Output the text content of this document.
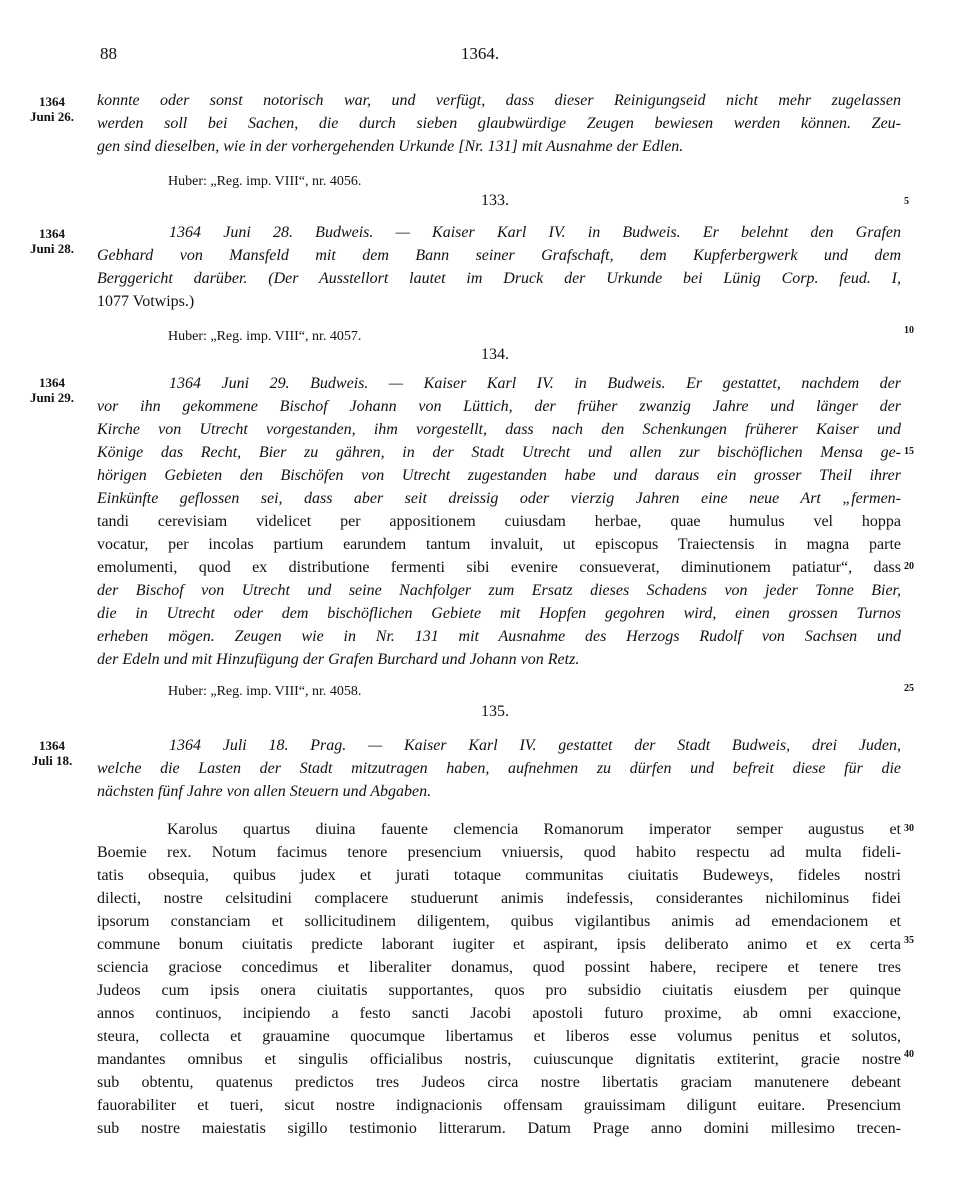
88	1364.
1364
Juni 26.
1364
Juni 28.
1364
Juni 29.
1364
Juli 18.
5
10
15
20
25
30
35
40
konnte oder sonst notorisch war, und verfügt, dass dieser Reinigungseid nicht mehr zugelassen
werden soll bei Sachen, die durch sieben glaubwürdige Zeugen bewiesen werden können. Zeu-
gen sind dieselben, wie in der vorhergehenden Urkunde [Nr. 131] mit Ausnahme der Edlen.
Huber: „Reg. imp. VIII“, nr. 4056.
133.
1364 Juni 28. Budweis. — Kaiser Karl IV. in Budweis. Er belehnt den Grafen
Gebhard von Mansfeld mit dem Bann seiner Grafschaft, dem Kupferbergwerk und dem
Berggericht darüber. (Der Ausstellort lautet im Druck der Urkunde bei Lünig Corp. feud. I,
1077 Votwips.)
Huber: „Reg. imp. VIII“, nr. 4057.
134.
1364 Juni 29. Budweis. — Kaiser Karl IV. in Budweis. Er gestattet, nachdem der
vor ihn gekommene Bischof Johann von Lüttich, der früher zwanzig Jahre und länger der
Kirche von Utrecht vorgestanden, ihm vorgestellt, dass nach den Schenkungen früherer Kaiser und
Könige das Recht, Bier zu gähren, in der Stadt Utrecht und allen zur bischöflichen Mensa ge-
hörigen Gebieten den Bischöfen von Utrecht zugestanden habe und daraus ein grosser Theil ihrer
Einkünfte geflossen sei, dass aber seit dreissig oder vierzig Jahren eine neue Art „fermen-
tandi cerevisiam videlicet per appositionem cuiusdam herbae, quae humulus vel hoppa
vocatur, per incolas partium earundem tantum invaluit, ut episcopus Traiectensis in magna parte
emolumenti, quod ex distributione fermenti sibi evenire consueverat, diminutionem patiatur“, dass
der Bischof von Utrecht und seine Nachfolger zum Ersatz dieses Schadens von jeder Tonne Bier,
die in Utrecht oder dem bischöflichen Gebiete mit Hopfen gegohren wird, einen grossen Turnos
erheben mögen. Zeugen wie in Nr. 131 mit Ausnahme des Herzogs Rudolf von Sachsen und
der Edeln und mit Hinzufügung der Grafen Burchard und Johann von Retz.
Huber: „Reg. imp. VIII“, nr. 4058.
135.
1364 Juli 18. Prag. — Kaiser Karl IV. gestattet der Stadt Budweis, drei Juden,
welche die Lasten der Stadt mitzutragen haben, aufnehmen zu dürfen und befreit diese für die
nächsten fünf Jahre von allen Steuern und Abgaben.
Karolus quartus diuina fauente clemencia Romanorum imperator semper augustus et
Boemie rex. Notum facimus tenore presencium vniuersis, quod habito respectu ad multa fideli-
tatis obsequia, quibus judex et jurati totaque communitas ciuitatis Budeweys, fideles nostri
dilecti, nostre celsitudini complacere studuerunt animis indefessis, considerantes nichilominus fidei
ipsorum constanciam et sollicitudinem diligentem, quibus vigilantibus animis ad emendacionem et
commune bonum ciuitatis predicte laborant iugiter et aspirant, ipsis deliberato animo et ex certa
sciencia graciose concedimus et liberaliter donamus, quod possint habere, recipere et tenere tres
Judeos cum ipsis onera ciuitatis supportantes, quos pro subsidio ciuitatis eiusdem per quinque
annos continuos, incipiendo a festo sancti Jacobi apostoli futuro proxime, ab omni exaccione,
steura, collecta et grauamine quocumque libertamus et liberos esse volumus penitus et solutos,
mandantes omnibus et singulis officialibus nostris, cuiuscunque dignitatis extiterint, gracie nostre
sub obtentu, quatenus predictos tres Judeos circa nostre libertatis graciam manutenere debeant
fauorabiliter et tueri, sicut nostre indignacionis offensam grauissimam diligunt euitare. Presencium
sub nostre maiestatis sigillo testimonio litterarum. Datum Prage anno domini millesimo trecen-
